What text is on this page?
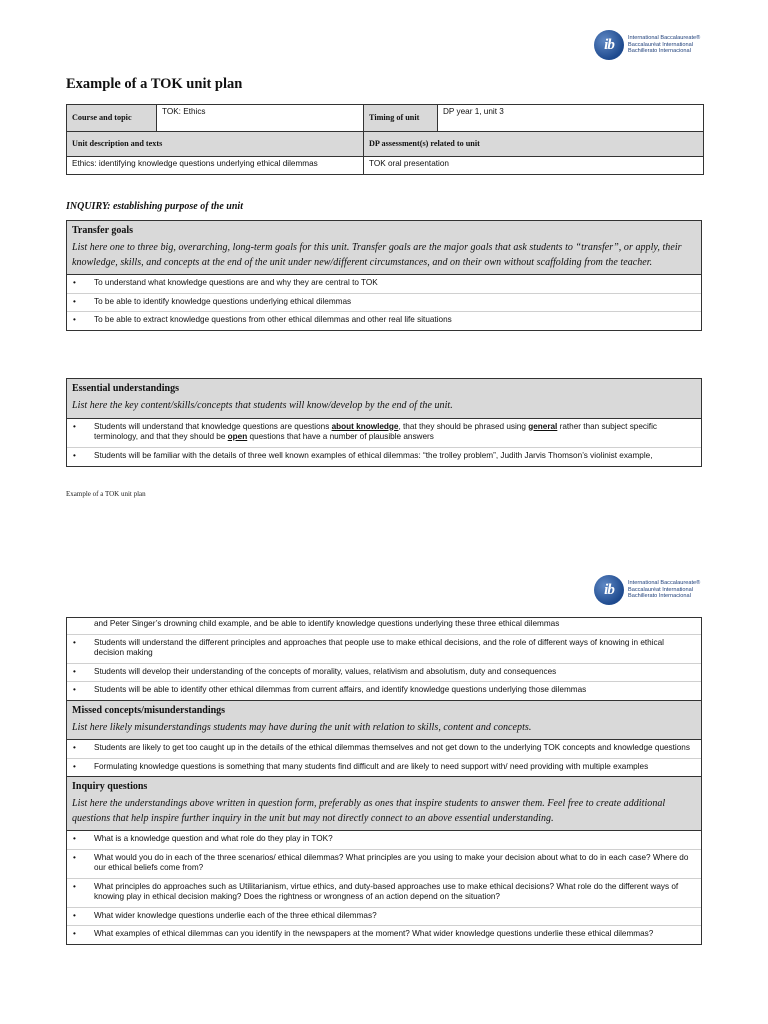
ib	International Baccalaureate®
Baccalauréat International
Bachillerato Internacional
Example of a TOK unit plan
Course and topic	TOK: Ethics	Timing of unit	DP year 1, unit 3
Unit description and texts		DP assessment(s) related to unit	
Ethics: identifying knowledge questions underlying ethical dilemmas		TOK oral presentation	
INQUIRY: establishing purpose of the unit
Transfer goals
List here one to three big, overarching, long-term goals for this unit. Transfer goals are the major goals that ask students to “transfer”, or apply, their knowledge, skills, and concepts at the end of the unit under new/different circumstances, and on their own without scaffolding from the teacher.
• To understand what knowledge questions are and why they are central to TOK
• To be able to identify knowledge questions underlying ethical dilemmas
• To be able to extract knowledge questions from other ethical dilemmas and other real life situations
Essential understandings
List here the key content/skills/concepts that students will know/develop by the end of the unit.
• Students will understand that knowledge questions are questions about knowledge, that they should be phrased using general rather than subject specific terminology, and that they should be open questions that have a number of plausible answers
• Students will be familiar with the details of three well known examples of ethical dilemmas: “the trolley problem”, Judith Jarvis Thomson’s violinist example,
Example of a TOK unit plan
ib	International Baccalaureate®
Baccalauréat International
Bachillerato Internacional
and Peter Singer’s drowning child example, and be able to identify knowledge questions underlying these three ethical dilemmas
• Students will understand the different principles and approaches that people use to make ethical decisions, and the role of different ways of knowing in ethical decision making
• Students will develop their understanding of the concepts of morality, values, relativism and absolutism, duty and consequences
• Students will be able to identify other ethical dilemmas from current affairs, and identify knowledge questions underlying those dilemmas
Missed concepts/misunderstandings
List here likely misunderstandings students may have during the unit with relation to skills, content and concepts.
• Students are likely to get too caught up in the details of the ethical dilemmas themselves and not get down to the underlying TOK concepts and knowledge questions
• Formulating knowledge questions is something that many students find difficult and are likely to need support with/ need providing with multiple examples
Inquiry questions
List here the understandings above written in question form, preferably as ones that inspire students to answer them. Feel free to create additional questions that help inspire further inquiry in the unit but may not directly connect to an above essential understanding.
• What is a knowledge question and what role do they play in TOK?
• What would you do in each of the three scenarios/ ethical dilemmas? What principles are you using to make your decision about what to do in each case? Where do our ethical beliefs come from?
• What principles do approaches such as Utilitarianism, virtue ethics, and duty-based approaches use to make ethical decisions? What role do the different ways of knowing play in ethical decision making? Does the rightness or wrongness of an action depend on the situation?
• What wider knowledge questions underlie each of the three ethical dilemmas?
• What examples of ethical dilemmas can you identify in the newspapers at the moment? What wider knowledge questions underlie these ethical dilemmas?
